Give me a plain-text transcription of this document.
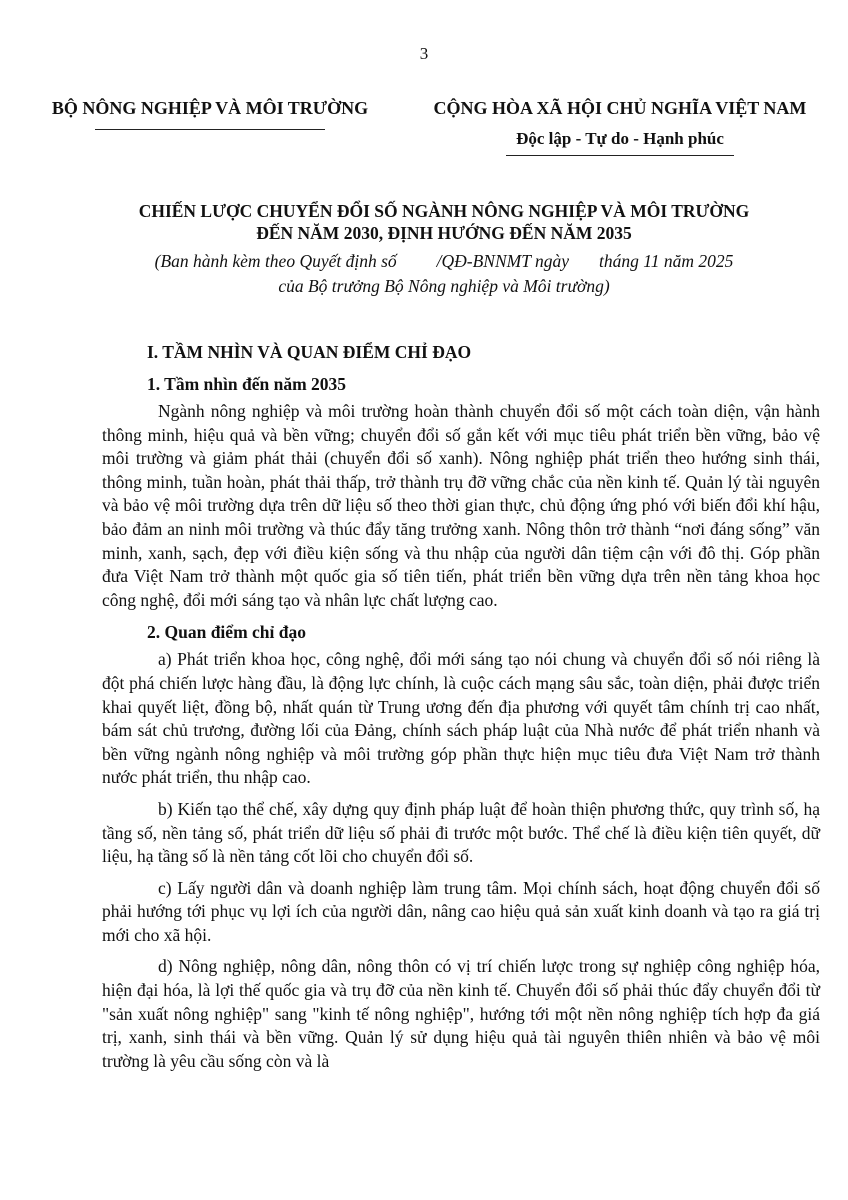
3
BỘ NÔNG NGHIỆP VÀ MÔI TRƯỜNG	CỘNG HÒA XÃ HỘI CHỦ NGHĨA VIỆT NAM
Độc lập - Tự do - Hạnh phúc
CHIẾN LƯỢC CHUYỂN ĐỔI SỐ NGÀNH NÔNG NGHIỆP VÀ MÔI TRƯỜNG
ĐẾN NĂM 2030, ĐỊNH HƯỚNG ĐẾN NĂM 2035
(Ban hành kèm theo Quyết định số /QĐ-BNNMT ngày tháng 11 năm 2025
của Bộ trưởng Bộ Nông nghiệp và Môi trường)
I. TẦM NHÌN VÀ QUAN ĐIỂM CHỈ ĐẠO
1. Tầm nhìn đến năm 2035

Ngành nông nghiệp và môi trường hoàn thành chuyển đổi số một cách toàn diện, vận hành thông minh, hiệu quả và bền vững; chuyển đổi số gắn kết với mục tiêu phát triển bền vững, bảo vệ môi trường và giảm phát thải (chuyển đổi số xanh). Nông nghiệp phát triển theo hướng sinh thái, thông minh, tuần hoàn, phát thải thấp, trở thành trụ đỡ vững chắc của nền kinh tế. Quản lý tài nguyên và bảo vệ môi trường dựa trên dữ liệu số theo thời gian thực, chủ động ứng phó với biến đổi khí hậu, bảo đảm an ninh môi trường và thúc đẩy tăng trưởng xanh. Nông thôn trở thành “nơi đáng sống” văn minh, xanh, sạch, đẹp với điều kiện sống và thu nhập của người dân tiệm cận với đô thị. Góp phần đưa Việt Nam trở thành một quốc gia số tiên tiến, phát triển bền vững dựa trên nền tảng khoa học công nghệ, đổi mới sáng tạo và nhân lực chất lượng cao.

2. Quan điểm chỉ đạo

a) Phát triển khoa học, công nghệ, đổi mới sáng tạo nói chung và chuyển đổi số nói riêng là đột phá chiến lược hàng đầu, là động lực chính, là cuộc cách mạng sâu sắc, toàn diện, phải được triển khai quyết liệt, đồng bộ, nhất quán từ Trung ương đến địa phương với quyết tâm chính trị cao nhất, bám sát chủ trương, đường lối của Đảng, chính sách pháp luật của Nhà nước để phát triển nhanh và bền vững ngành nông nghiệp và môi trường góp phần thực hiện mục tiêu đưa Việt Nam trở thành nước phát triển, thu nhập cao.

b) Kiến tạo thể chế, xây dựng quy định pháp luật để hoàn thiện phương thức, quy trình số, hạ tầng số, nền tảng số, phát triển dữ liệu số phải đi trước một bước. Thể chế là điều kiện tiên quyết, dữ liệu, hạ tầng số là nền tảng cốt lõi cho chuyển đổi số.

c) Lấy người dân và doanh nghiệp làm trung tâm. Mọi chính sách, hoạt động chuyển đổi số phải hướng tới phục vụ lợi ích của người dân, nâng cao hiệu quả sản xuất kinh doanh và tạo ra giá trị mới cho xã hội.

d) Nông nghiệp, nông dân, nông thôn có vị trí chiến lược trong sự nghiệp công nghiệp hóa, hiện đại hóa, là lợi thế quốc gia và trụ đỡ của nền kinh tế. Chuyển đổi số phải thúc đẩy chuyển đổi từ "sản xuất nông nghiệp" sang "kinh tế nông nghiệp", hướng tới một nền nông nghiệp tích hợp đa giá trị, xanh, sinh thái và bền vững. Quản lý sử dụng hiệu quả tài nguyên thiên nhiên và bảo vệ môi trường là yêu cầu sống còn và là
